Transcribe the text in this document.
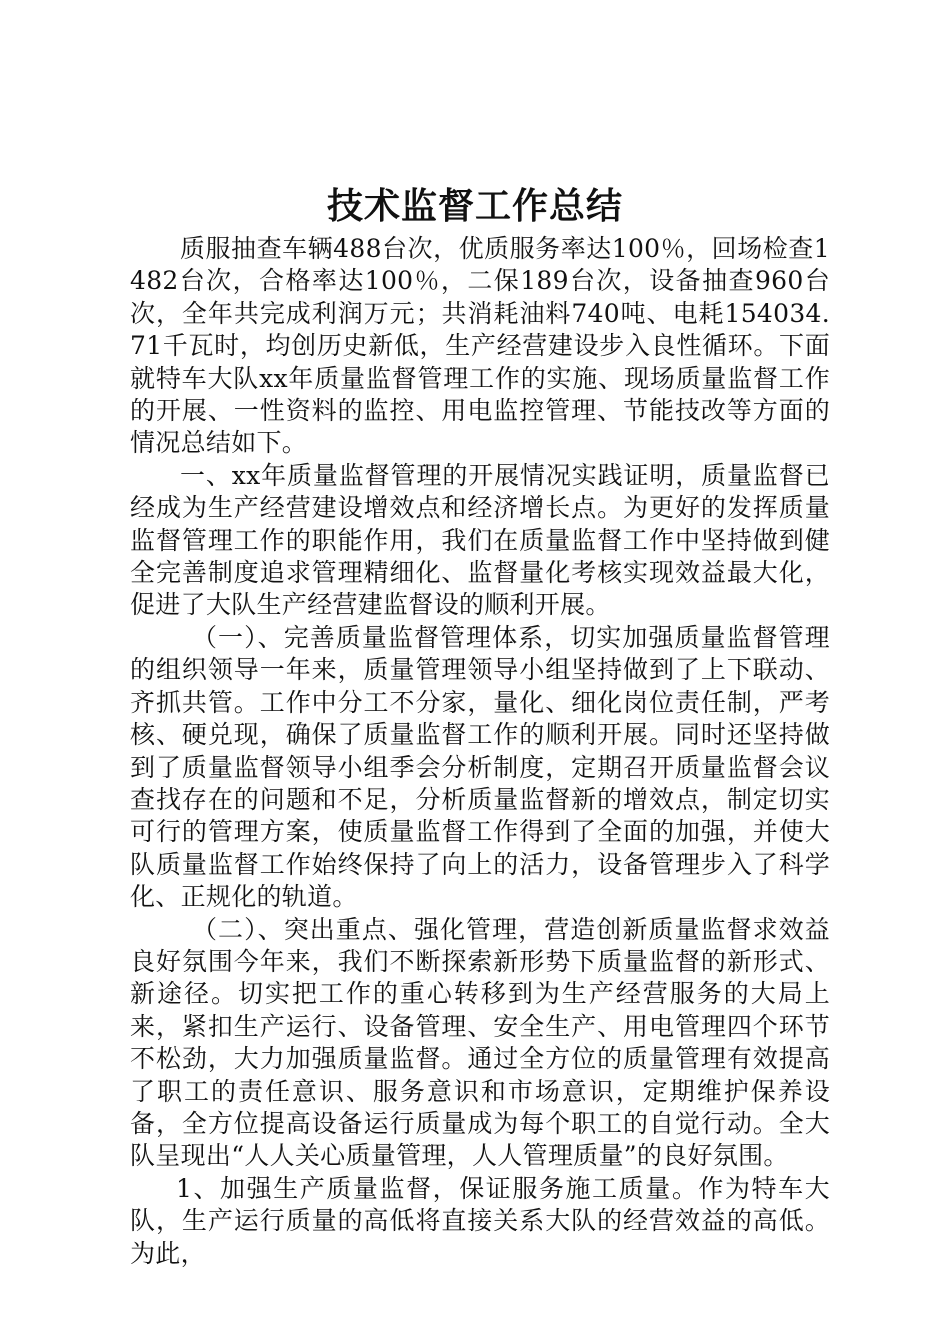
技术监督工作总结

质服抽查车辆488台次，优质服务率达100％，回场检查1482台次，合格率达100％，二保189台次，设备抽查960台次，全年共完成利润万元；共消耗油料740吨、电耗154034.71千瓦时，均创历史新低，生产经营建设步入良性循环。下面就特车大队xx年质量监督管理工作的实施、现场质量监督工作的开展、一性资料的监控、用电监控管理、节能技改等方面的情况总结如下。

一、xx年质量监督管理的开展情况实践证明，质量监督已经成为生产经营建设增效点和经济增长点。为更好的发挥质量监督管理工作的职能作用，我们在质量监督工作中坚持做到健全完善制度追求管理精细化、监督量化考核实现效益最大化，促进了大队生产经营建监督设的顺利开展。

（一）、完善质量监督管理体系，切实加强质量监督管理的组织领导一年来，质量管理领导小组坚持做到了上下联动、齐抓共管。工作中分工不分家，量化、细化岗位责任制，严考核、硬兑现，确保了质量监督工作的顺利开展。同时还坚持做到了质量监督领导小组季会分析制度，定期召开质量监督会议查找存在的问题和不足，分析质量监督新的增效点，制定切实可行的管理方案，使质量监督工作得到了全面的加强，并使大队质量监督工作始终保持了向上的活力，设备管理步入了科学化、正规化的轨道。

（二）、突出重点、强化管理，营造创新质量监督求效益良好氛围今年来，我们不断探索新形势下质量监督的新形式、新途径。切实把工作的重心转移到为生产经营服务的大局上来，紧扣生产运行、设备管理、安全生产、用电管理四个环节不松劲，大力加强质量监督。通过全方位的质量管理有效提高了职工的责任意识、服务意识和市场意识，定期维护保养设备，全方位提高设备运行质量成为每个职工的自觉行动。全大队呈现出“人人关心质量管理，人人管理质量”的良好氛围。

1、加强生产质量监督，保证服务施工质量。作为特车大队，生产运行质量的高低将直接关系大队的经营效益的高低。为此，
